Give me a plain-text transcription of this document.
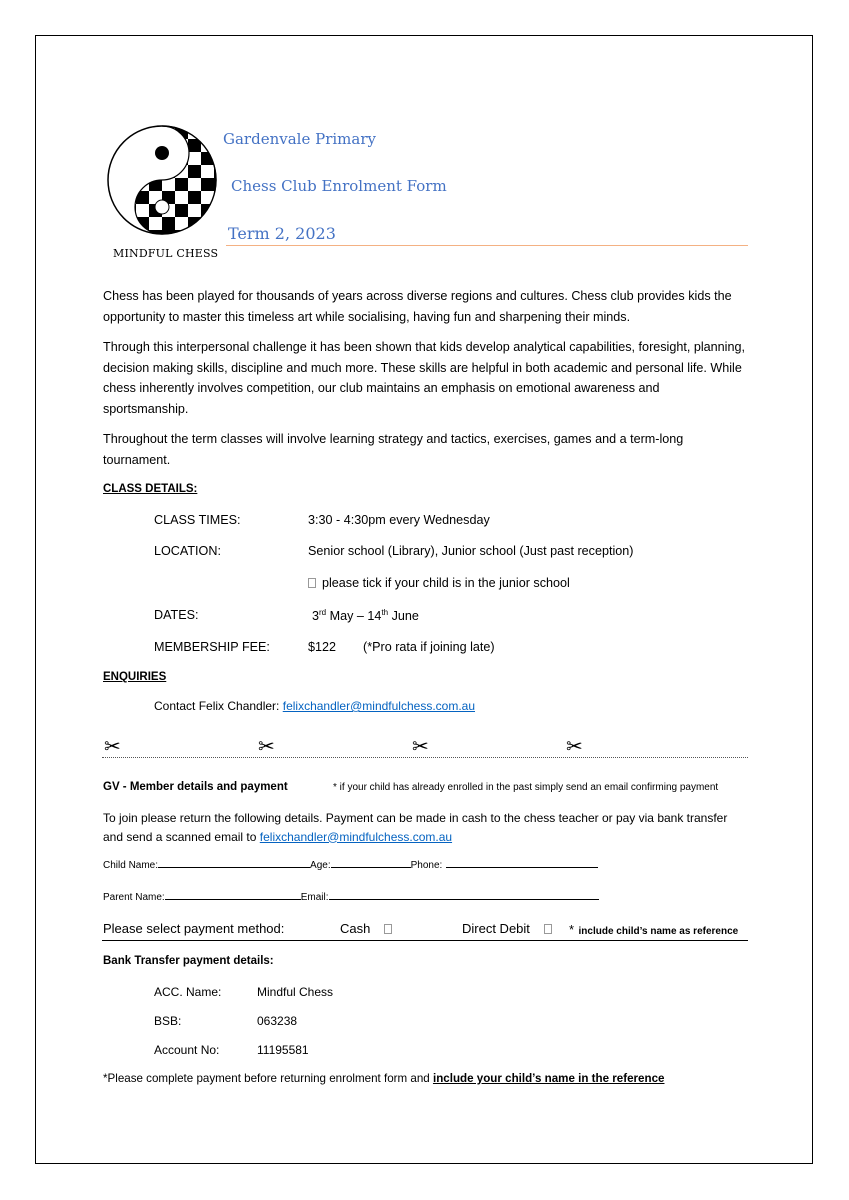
MINDFUL CHESS
Gardenvale Primary
Chess Club Enrolment Form
Term 2, 2023
Chess has been played for thousands of years across diverse regions and cultures. Chess club provides kids the opportunity to master this timeless art while socialising, having fun and sharpening their minds.
Through this interpersonal challenge it has been shown that kids develop analytical capabilities, foresight, planning, decision making skills, discipline and much more. These skills are helpful in both academic and personal life. While chess inherently involves competition, our club maintains an emphasis on emotional awareness and sportsmanship.
Throughout the term classes will involve learning strategy and tactics, exercises, games and a term-long tournament.
CLASS DETAILS:
CLASS TIMES:	3:30 - 4:30pm every Wednesday
LOCATION:	Senior school (Library), Junior school (Just past reception)
please tick if your child is in the junior school
DATES:	3rd May – 14th June
MEMBERSHIP FEE:	$122 (*Pro rata if joining late)
ENQUIRIES
Contact Felix Chandler: felixchandler@mindfulchess.com.au
✂	✂	✂	✂
GV - Member details and payment	* if your child has already enrolled in the past simply send an email confirming payment
To join please return the following details. Payment can be made in cash to the chess teacher or pay via bank transfer and send a scanned email to felixchandler@mindfulchess.com.au
Child Name:	Age:	Phone:
Parent Name:	Email:
Please select payment method:	Cash	Direct Debit	* include child’s name as reference
Bank Transfer payment details:
ACC. Name:	Mindful Chess
BSB:	063238
Account No:	11195581
*Please complete payment before returning enrolment form and include your child’s name in the reference
